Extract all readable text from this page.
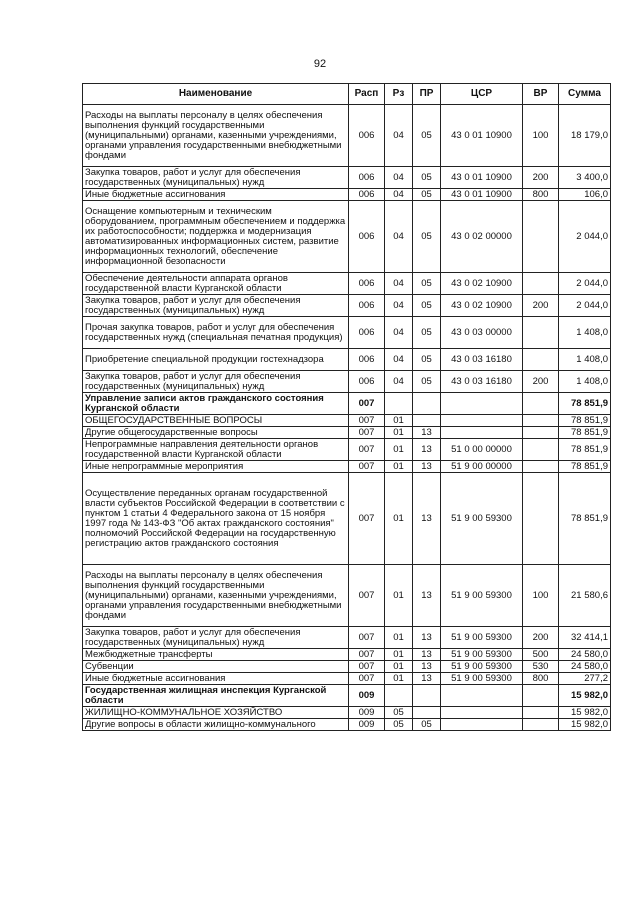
92
Наименование	Расп	Рз	ПР	ЦСР	ВР	Сумма
Расходы на выплаты персоналу в целях обеспечения выполнения функций государственными (муниципальными) органами, казенными учреждениями, органами управления государственными внебюджетными фондами	006	04	05	43 0 01 10900	100	18 179,0
Закупка товаров, работ и услуг для обеспечения государственных (муниципальных) нужд	006	04	05	43 0 01 10900	200	3 400,0
Иные бюджетные ассигнования	006	04	05	43 0 01 10900	800	106,0
Оснащение компьютерным и техническим оборудованием, программным обеспечением и поддержка их работоспособности; поддержка и модернизация автоматизированных информационных систем, развитие информационных технологий, обеспечение информационной безопасности	006	04	05	43 0 02 00000		2 044,0
Обеспечение деятельности аппарата органов государственной власти Курганской области	006	04	05	43 0 02 10900		2 044,0
Закупка товаров, работ и услуг для обеспечения государственных (муниципальных) нужд	006	04	05	43 0 02 10900	200	2 044,0
Прочая закупка товаров, работ и услуг для обеспечения государственных нужд (специальная печатная продукция)	006	04	05	43 0 03 00000		1 408,0
Приобретение специальной продукции гостехнадзора	006	04	05	43 0 03 16180		1 408,0
Закупка товаров, работ и услуг для обеспечения государственных (муниципальных) нужд	006	04	05	43 0 03 16180	200	1 408,0
Управление записи актов гражданского состояния Курганской области	007					78 851,9
ОБЩЕГОСУДАРСТВЕННЫЕ ВОПРОСЫ	007	01				78 851,9
Другие общегосударственные вопросы	007	01	13			78 851,9
Непрограммные направления деятельности органов государственной власти Курганской области	007	01	13	51 0 00 00000		78 851,9
Иные непрограммные мероприятия	007	01	13	51 9 00 00000		78 851,9
Осуществление переданных органам государственной власти субъектов Российской Федерации в соответствии с пунктом 1 статьи 4 Федерального закона от 15 ноября 1997 года № 143-ФЗ "Об актах гражданского состояния" полномочий Российской Федерации на государственную регистрацию актов гражданского состояния	007	01	13	51 9 00 59300		78 851,9
Расходы на выплаты персоналу в целях обеспечения выполнения функций государственными (муниципальными) органами, казенными учреждениями, органами управления государственными внебюджетными фондами	007	01	13	51 9 00 59300	100	21 580,6
Закупка товаров, работ и услуг для обеспечения государственных (муниципальных) нужд	007	01	13	51 9 00 59300	200	32 414,1
Межбюджетные трансферты	007	01	13	51 9 00 59300	500	24 580,0
Субвенции	007	01	13	51 9 00 59300	530	24 580,0
Иные бюджетные ассигнования	007	01	13	51 9 00 59300	800	277,2
Государственная жилищная инспекция Курганской области	009					15 982,0
ЖИЛИЩНО-КОММУНАЛЬНОЕ ХОЗЯЙСТВО	009	05				15 982,0
Другие вопросы в области жилищно-коммунального	009	05	05			15 982,0
